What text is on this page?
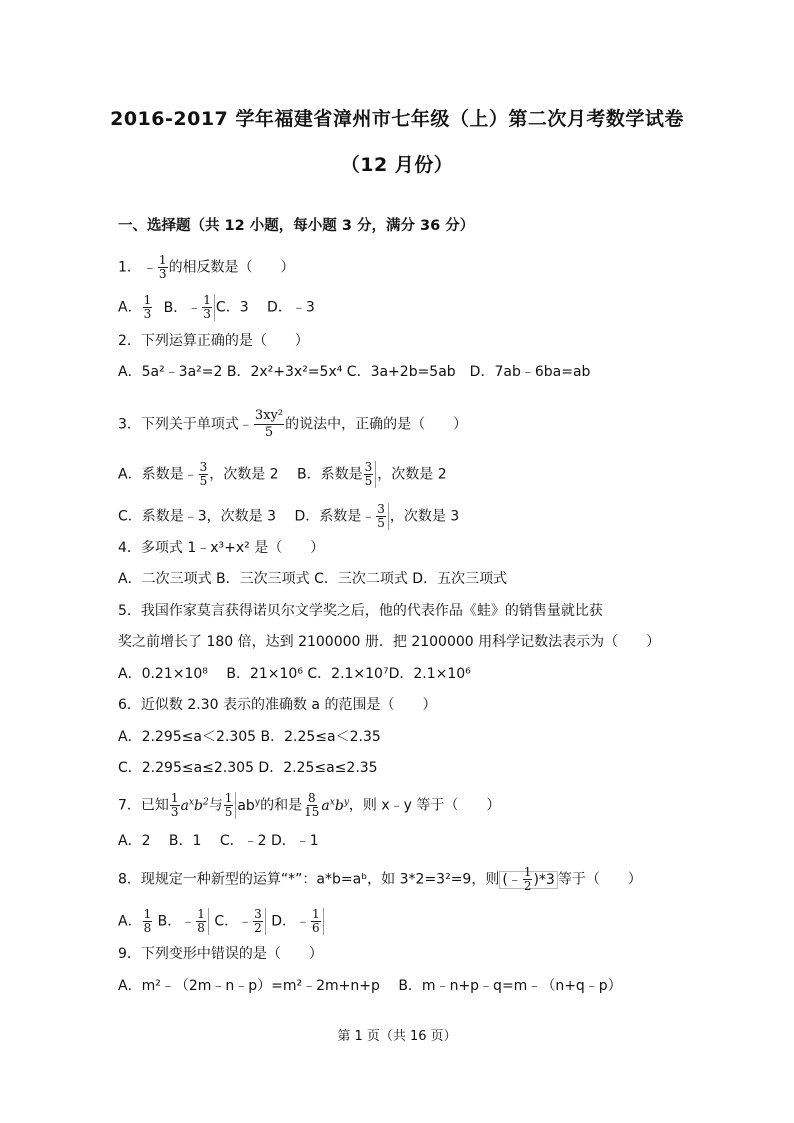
2016-2017 学年福建省漳州市七年级（上）第二次月考数学试卷
（12 月份）
一、选择题（共 12 小题，每小题 3 分，满分 36 分）
1． ﹣ $\frac{1}{3}$ 的相反数是（　　）
A． $\frac{1}{3}$ B．﹣ $\frac{1}{3}$ C．3　 D．﹣3
2．下列运算正确的是（　　）
A．5a²﹣3a²=2 B．2x²+3x²=5x⁴ C．3a+2b=5ab　D．7ab﹣6ba=ab
3．下列关于单项式﹣ $\frac{\text{3xy²}}{5}$ 的说法中，正确的是（　　）
A．系数是﹣ $\frac{3}{5}$ ，次数是 2　 B．系数是 $\frac{3}{5}$ ，次数是 2
C．系数是﹣3，次数是 3　 D．系数是﹣ $\frac{3}{5}$ ，次数是 3
4．多项式 1﹣x³+x² 是（　　）
A．二次三项式 B．三次三项式 C．三次二项式 D．五次三项式
5．我国作家莫言获得诺贝尔文学奖之后，他的代表作品《蛙》的销售量就比获
奖之前增长了 180 倍，达到 2100000 册．把 2100000 用科学记数法表示为（　　）
A．0.21×10⁸　 B．21×10⁶ C．2.1×10⁷D．2.1×10⁶
6．近似数 2.30 表示的准确数 a 的范围是（　　）
A．2.295≤a＜2.305 B．2.25≤a＜2.35
C．2.295≤a≤2.305 D．2.25≤a≤2.35
7．已知 $\frac{1}{3} a^xb^2$与 $\frac{1}{5} ab^y$的和是 $\frac{8}{15} a^xb^y$，则 x﹣y 等于（　　）
A．2　 B．1　 C．﹣2 D．﹣1
8．现规定一种新型的运算“*”：a*b=aᵇ，如 3*2=3²=9，则 (﹣ $\frac{1}{2} )*3$ 等于（　　）
A． $\frac{1}{8}$ B．﹣ $\frac{1}{8}$ C．﹣ $\frac{3}{2}$ D．﹣ $\frac{1}{6}$
9．下列变形中错误的是（　　）
A．m²﹣（2m﹣n﹣p）=m²﹣2m+n+p　 B．m﹣n+p﹣q=m﹣（n+q﹣p）
第 1 页（共 16 页）
